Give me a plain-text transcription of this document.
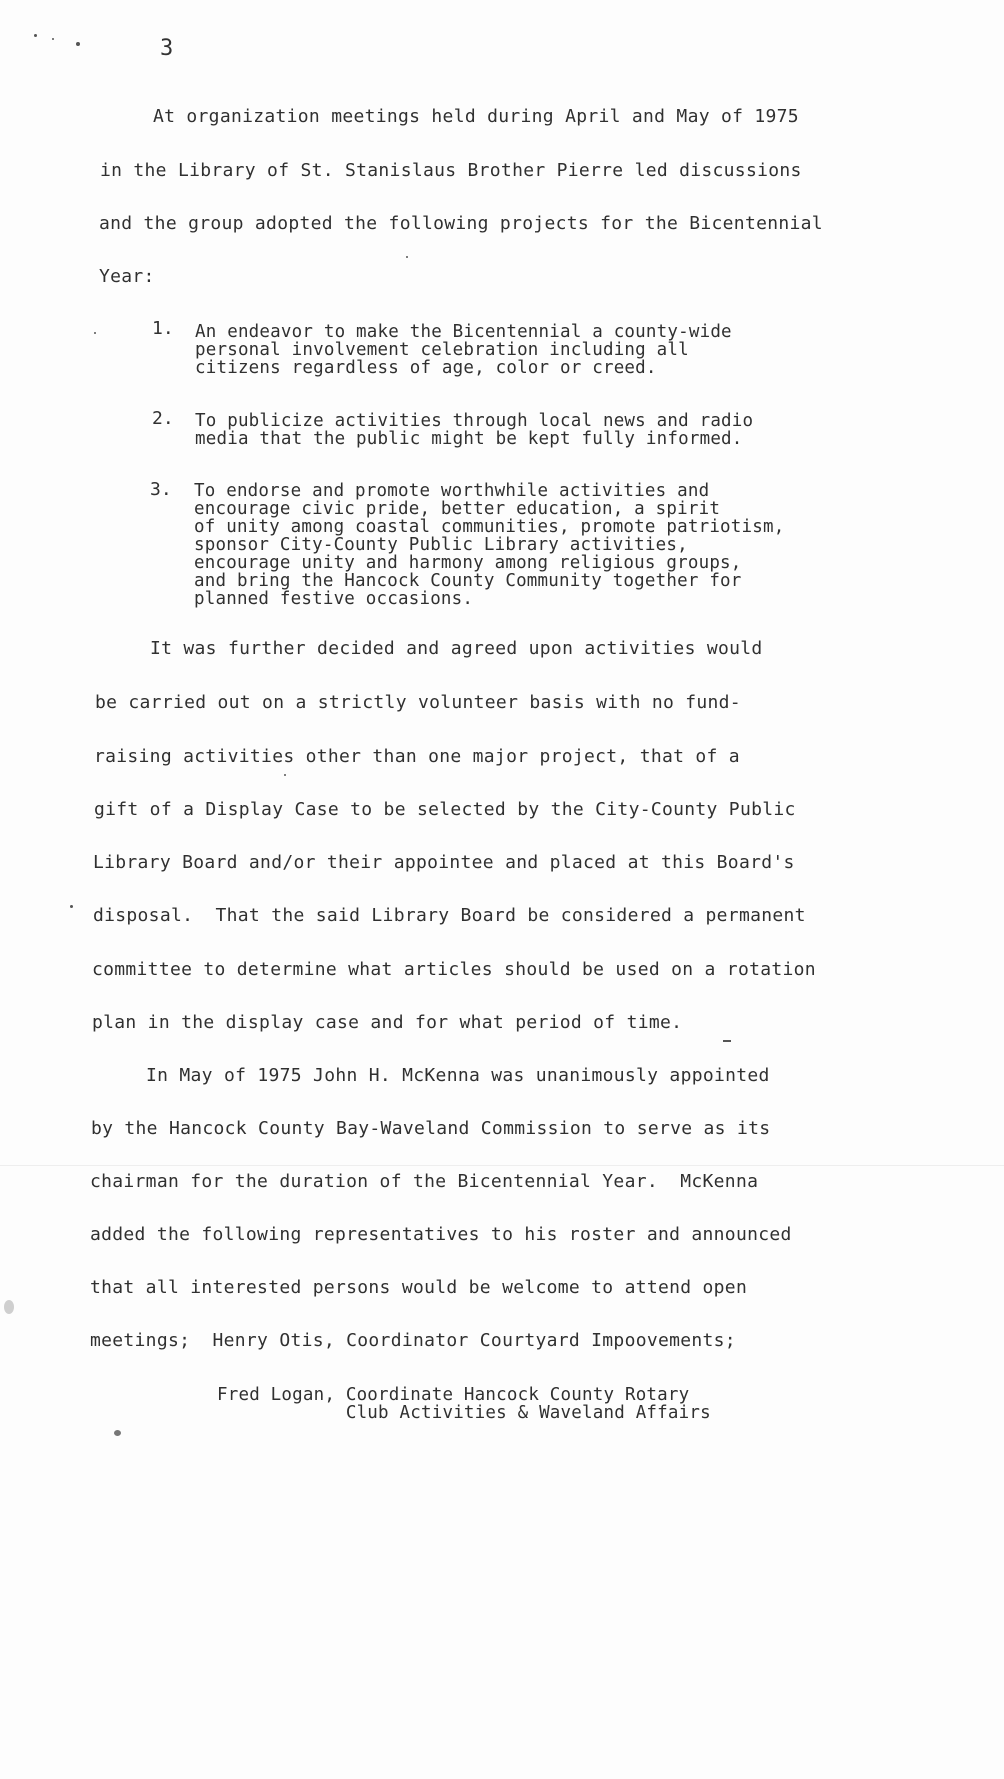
3
At organization meetings held during April and May of 1975
in the Library of St. Stanislaus Brother Pierre led discussions
and the group adopted the following projects for the Bicentennial
Year:
1. An endeavor to make the Bicentennial a county-wide
personal involvement celebration including all
citizens regardless of age, color or creed.
2. To publicize activities through local news and radio
media that the public might be kept fully informed.
3. To endorse and promote worthwhile activities and
encourage civic pride, better education, a spirit
of unity among coastal communities, promote patriotism,
sponsor City-County Public Library activities,
encourage unity and harmony among religious groups,
and bring the Hancock County Community together for
planned festive occasions.
It was further decided and agreed upon activities would
be carried out on a strictly volunteer basis with no fund-
raising activities other than one major project, that of a
gift of a Display Case to be selected by the City-County Public
Library Board and/or their appointee and placed at this Board's
disposal.  That the said Library Board be considered a permanent
committee to determine what articles should be used on a rotation
plan in the display case and for what period of time.
In May of 1975 John H. McKenna was unanimously appointed
by the Hancock County Bay-Waveland Commission to serve as its
chairman for the duration of the Bicentennial Year.  McKenna
added the following representatives to his roster and announced
that all interested persons would be welcome to attend open
meetings;  Henry Otis, Coordinator Courtyard Impoovements;
Fred Logan, Coordinate Hancock County Rotary
Club Activities & Waveland Affairs
